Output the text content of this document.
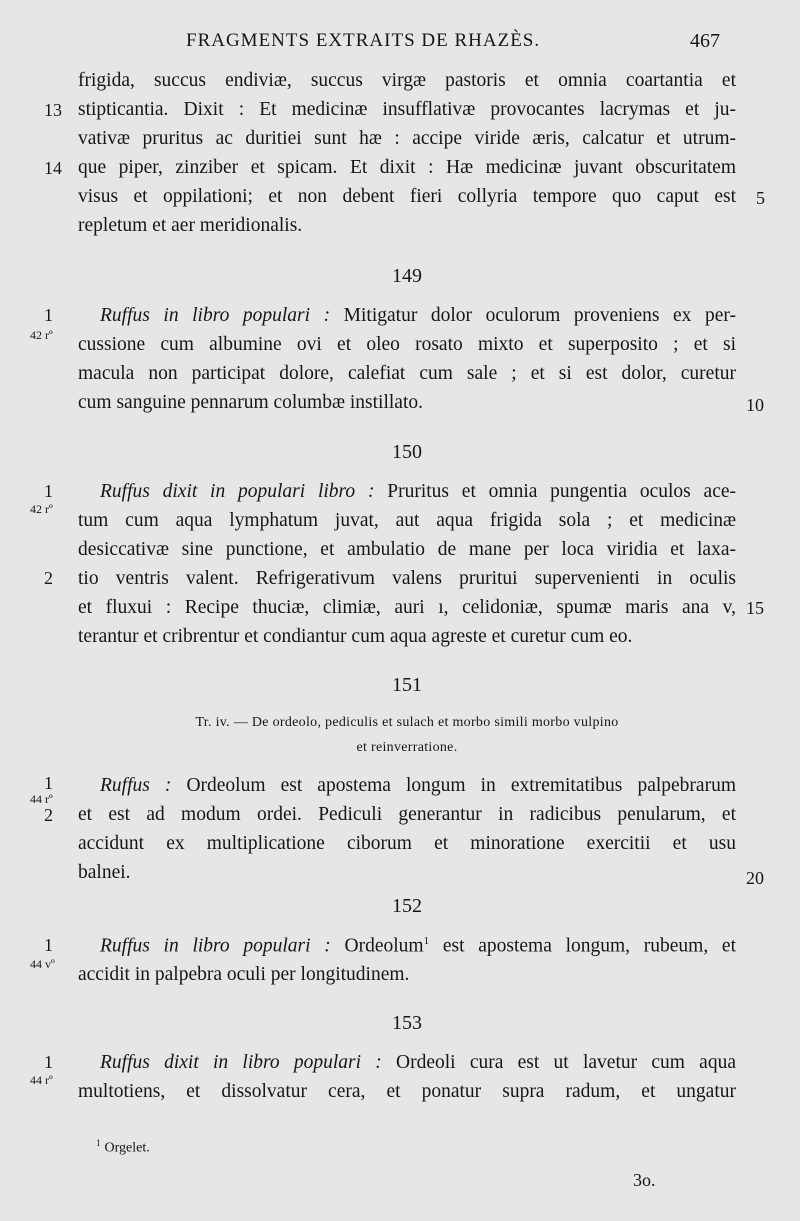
FRAGMENTS EXTRAITS DE RHAZÈS.	467
frigida, succus endiviæ, succus virgæ pastoris et omnia coartantia et
stipticantia. Dixit : Et medicinæ insufflativæ provocantes lacrymas et ju-
vativæ pruritus ac duritiei sunt hæ : accipe viride æris, calcatur et utrum-
que piper, zinziber et spicam. Et dixit : Hæ medicinæ juvant obscuritatem
visus et oppilationi; et non debent fieri collyria tempore quo caput est
repletum et aer meridionalis.
13
14
5
149
1
42 rº
Ruffus in libro populari : Mitigatur dolor oculorum proveniens ex per-
cussione cum albumine ovi et oleo rosato mixto et superposito ; et si
macula non participat dolore, calefiat cum sale ; et si est dolor, curetur
cum sanguine pennarum columbæ instillato.	10
150
1
42 rº
Ruffus dixit in populari libro : Pruritus et omnia pungentia oculos ace-
tum cum aqua lymphatum juvat, aut aqua frigida sola ; et medicinæ
desiccativæ sine punctione, et ambulatio de mane per loca viridia et laxa-
tio ventris valent. Refrigerativum valens pruritui supervenienti in oculis
2
et fluxui : Recipe thuciæ, climiæ, auri ı, celidoniæ, spumæ maris ana v, 15
terantur et cribrentur et condiantur cum aqua agreste et curetur cum eo.
151
Tr. iv. — De ordeolo, pediculis et sulach et morbo simili morbo vulpino
et reinverratione.
1
44 rº
2
Ruffus : Ordeolum est apostema longum in extremitatibus palpebrarum
et est ad modum ordei. Pediculi generantur in radicibus penularum, et
accidunt ex multiplicatione ciborum et minoratione exercitii et usu
balnei.	20
152
1
44 vº
Ruffus in libro populari : Ordeolum$^1$ est apostema longum, rubeum, et
accidit in palpebra oculi per longitudinem.
153
1
44 rº
Ruffus dixit in libro populari : Ordeoli cura est ut lavetur cum aqua
multotiens, et dissolvatur cera, et ponatur supra radum, et ungatur
$^1$ Orgelet.
3o.
